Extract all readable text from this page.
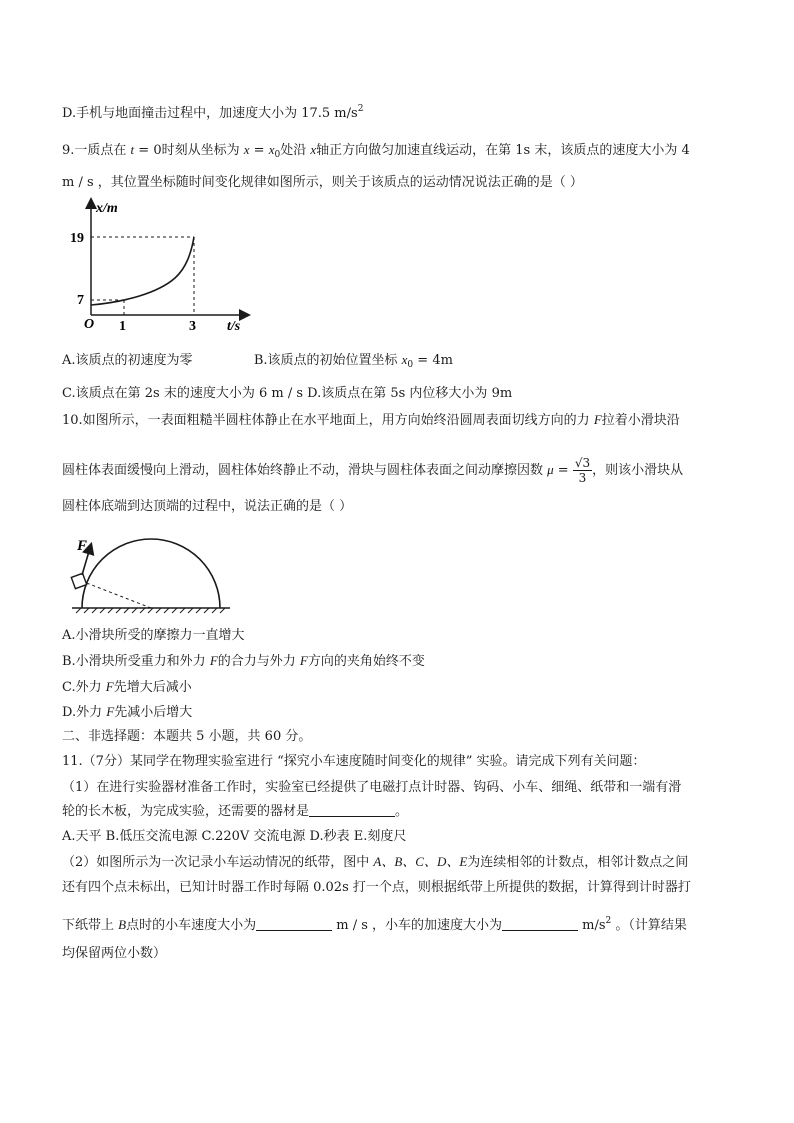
D.手机与地面撞击过程中，加速度大小为 17.5 $m/s^2$
9.一质点在 t = 0时刻从坐标为 $x = x_0$处沿 x轴正方向做匀加速直线运动，在第 1s 末，该质点的速度大小为 4
m / s ，其位置坐标随时间变化规律如图所示，则关于该质点的运动情况说法正确的是（ ）
x/m
t/s
O
19
7
1	3
A.该质点的初速度为零	B.该质点的初始位置坐标 $x_0 = 4m$
C.该质点在第 2s 末的速度大小为 6 m / s D.该质点在第 5s 内位移大小为 9m
10.如图所示，一表面粗糙半圆柱体静止在水平地面上，用方向始终沿圆周表面切线方向的力 F拉着小滑块沿
圆柱体表面缓慢向上滑动，圆柱体始终静止不动，滑块与圆柱体表面之间动摩擦因数 $\mu = \frac{√3}{3}$ ，则该小滑块从
圆柱体底端到达顶端的过程中，说法正确的是（ ）
F
A.小滑块所受的摩擦力一直增大
B.小滑块所受重力和外力 F的合力与外力 F方向的夹角始终不变
C.外力 F先增大后减小
D.外力 F先减小后增大
二、非选择题：本题共 5 小题，共 60 分。
11.（7分）某同学在物理实验室进行 “探究小车速度随时间变化的规律” 实验。请完成下列有关问题：
（1）在进行实验器材准备工作时，实验室已经提供了电磁打点计时器、钩码、小车、细绳、纸带和一端有滑
轮的长木板，为完成实验，还需要的器材是	。
A.天平 B.低压交流电源 C.220V 交流电源 D.秒表 E.刻度尺
（2）如图所示为一次记录小车运动情况的纸带，图中 A、B、C、D、E为连续相邻的计数点，相邻计数点之间
还有四个点未标出，已知计时器工作时每隔 0.02s 打一个点，则根据纸带上所提供的数据，计算得到计时器打
下纸带上 B点时的小车速度大小为	m / s ，小车的加速度大小为	$m/s^2$ 。（计算结果
均保留两位小数）
